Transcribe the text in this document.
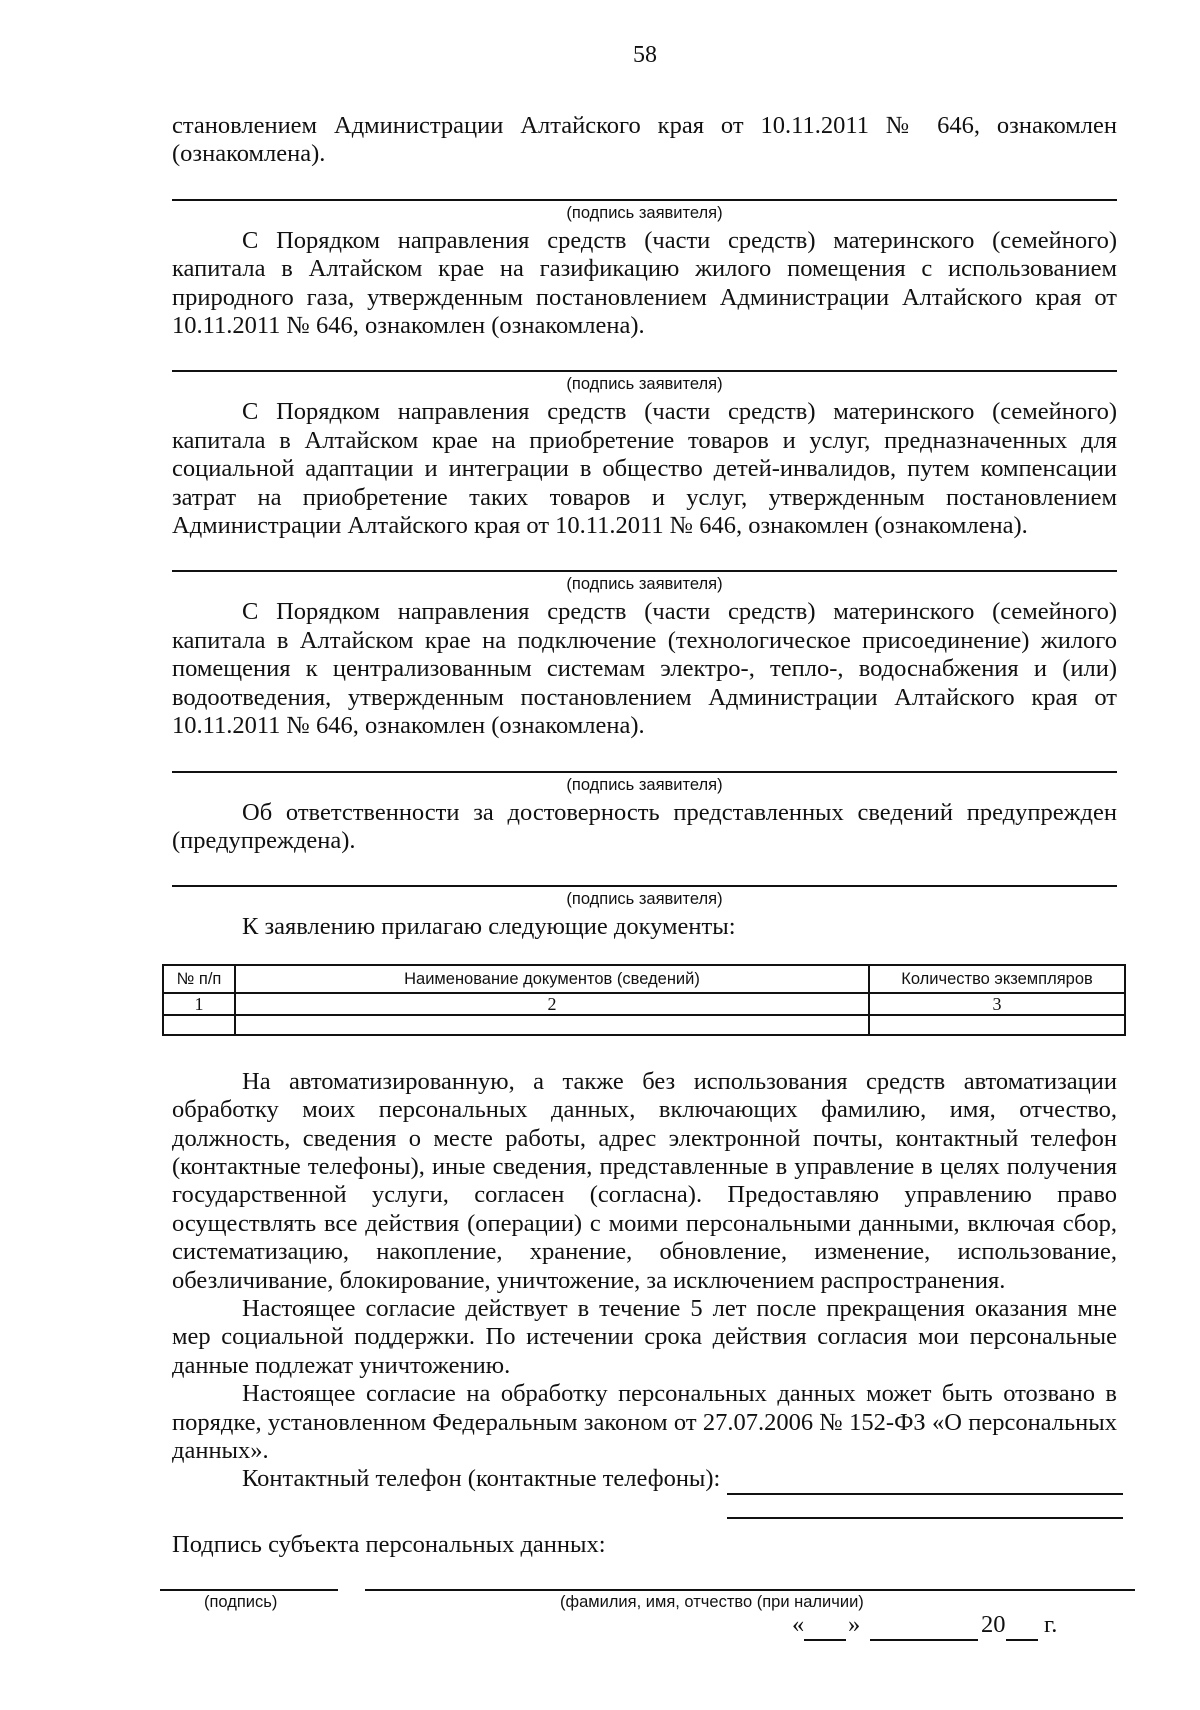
58

становлением Администрации Алтайского края от 10.11.2011 № 646, ознакомлен (ознакомлена).

(подпись заявителя)

С Порядком направления средств (части средств) материнского (семейного) капитала в Алтайском крае на газификацию жилого помещения с использованием природного газа, утвержденным постановлением Администрации Алтайского края от 10.11.2011 № 646, ознакомлен (ознакомлена).

(подпись заявителя)

С Порядком направления средств (части средств) материнского (семейного) капитала в Алтайском крае на приобретение товаров и услуг, предназначенных для социальной адаптации и интеграции в общество детей-инвалидов, путем компенсации затрат на приобретение таких товаров и услуг, утвержденным постановлением Администрации Алтайского края от 10.11.2011 № 646, ознакомлен (ознакомлена).

(подпись заявителя)

С Порядком направления средств (части средств) материнского (семейного) капитала в Алтайском крае на подключение (технологическое присоединение) жилого помещения к централизованным системам электро-, тепло-, водоснабжения и (или) водоотведения, утвержденным постановлением Администрации Алтайского края от 10.11.2011 № 646, ознакомлен (ознакомлена).

(подпись заявителя)

Об ответственности за достоверность представленных сведений предупрежден (предупреждена).

(подпись заявителя)

К заявлению прилагаю следующие документы:

№ п/п	Наименование документов (сведений)	Количество экземпляров
1	2	3

На автоматизированную, а также без использования средств автоматизации обработку моих персональных данных, включающих фамилию, имя, отчество, должность, сведения о месте работы, адрес электронной почты, контактный телефон (контактные телефоны), иные сведения, представленные в управление в целях получения государственной услуги, согласен (согласна). Предоставляю управлению право осуществлять все действия (операции) с моими персональными данными, включая сбор, систематизацию, накопление, хранение, обновление, изменение, использование, обезличивание, блокирование, уничтожение, за исключением распространения.

Настоящее согласие действует в течение 5 лет после прекращения оказания мне мер социальной поддержки. По истечении срока действия согласия мои персональные данные подлежат уничтожению.

Настоящее согласие на обработку персональных данных может быть отозвано в порядке, установленном Федеральным законом от 27.07.2006 № 152-ФЗ «О персональных данных».

Контактный телефон (контактные телефоны):

Подпись субъекта персональных данных:

(подпись)	(фамилия, имя, отчество (при наличии)
« »	20 г.
